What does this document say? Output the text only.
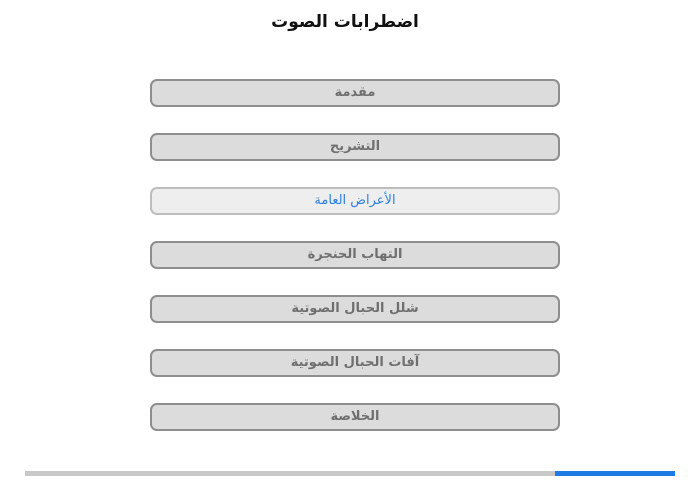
اضطرابات الصوت
مقدمة
التشريح
الأعراض العامة
التهاب الحنجرة
شلل الحبال الصوتية
آفات الحبال الصوتية
الخلاصة
